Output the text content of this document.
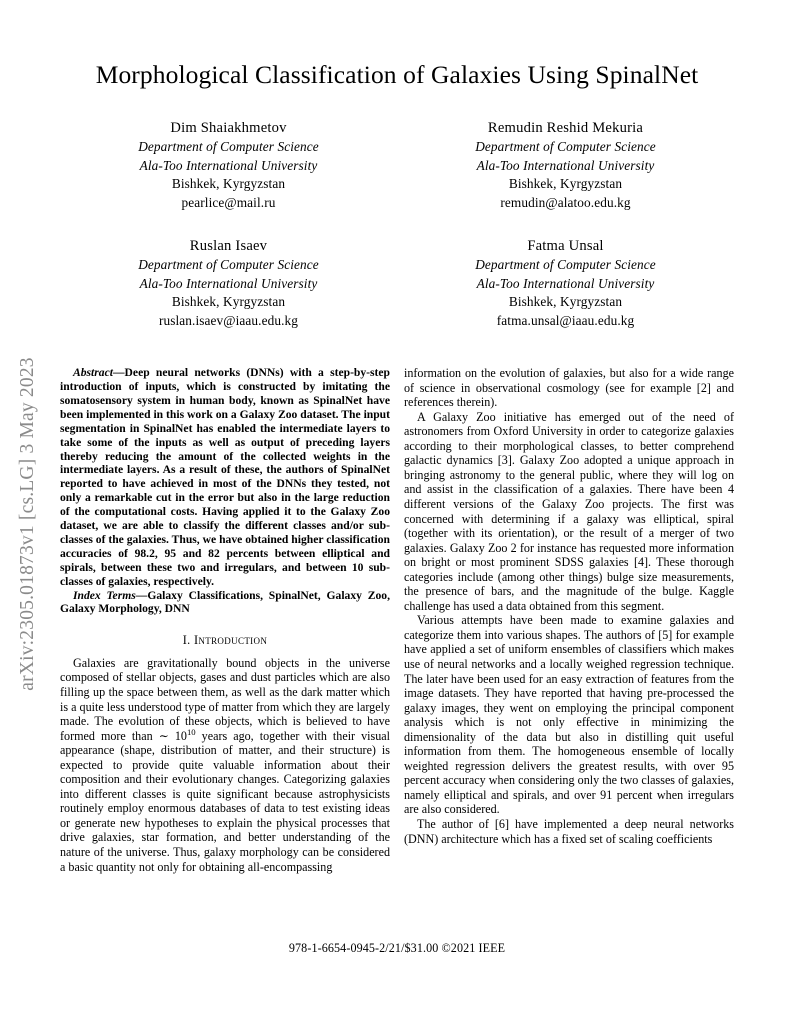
arXiv:2305.01873v1 [cs.LG] 3 May 2023
Morphological Classification of Galaxies Using SpinalNet
Dim Shaiakhmetov
Department of Computer Science
Ala-Too International University
Bishkek, Kyrgyzstan
pearlice@mail.ru
Remudin Reshid Mekuria
Department of Computer Science
Ala-Too International University
Bishkek, Kyrgyzstan
remudin@alatoo.edu.kg
Ruslan Isaev
Department of Computer Science
Ala-Too International University
Bishkek, Kyrgyzstan
ruslan.isaev@iaau.edu.kg
Fatma Unsal
Department of Computer Science
Ala-Too International University
Bishkek, Kyrgyzstan
fatma.unsal@iaau.edu.kg
Abstract—Deep neural networks (DNNs) with a step-by-step introduction of inputs, which is constructed by imitating the somatosensory system in human body, known as SpinalNet have been implemented in this work on a Galaxy Zoo dataset. The input segmentation in SpinalNet has enabled the intermediate layers to take some of the inputs as well as output of preceding layers thereby reducing the amount of the collected weights in the intermediate layers. As a result of these, the authors of SpinalNet reported to have achieved in most of the DNNs they tested, not only a remarkable cut in the error but also in the large reduction of the computational costs. Having applied it to the Galaxy Zoo dataset, we are able to classify the different classes and/or sub-classes of the galaxies. Thus, we have obtained higher classification accuracies of 98.2, 95 and 82 percents between elliptical and spirals, between these two and irregulars, and between 10 sub-classes of galaxies, respectively.
Index Terms—Galaxy Classifications, SpinalNet, Galaxy Zoo, Galaxy Morphology, DNN
I. Introduction

Galaxies are gravitationally bound objects in the universe composed of stellar objects, gases and dust particles which are also filling up the space between them, as well as the dark matter which is a quite less understood type of matter from which they are largely made. The evolution of these objects, which is believed to have formed more than ∼ $10^{10}$ years ago, together with their visual appearance (shape, distribution of matter, and their structure) is expected to provide quite valuable information about their composition and their evolutionary changes. Categorizing galaxies into different classes is quite significant because astrophysicists routinely employ enormous databases of data to test existing ideas or generate new hypotheses to explain the physical processes that drive galaxies, star formation, and better understanding of the nature of the universe. Thus, galaxy morphology can be considered a basic quantity not only for obtaining all-encompassing

information on the evolution of galaxies, but also for a wide range of science in observational cosmology (see for example [2] and references therein).

A Galaxy Zoo initiative has emerged out of the need of astronomers from Oxford University in order to categorize galaxies according to their morphological classes, to better comprehend galactic dynamics [3]. Galaxy Zoo adopted a unique approach in bringing astronomy to the general public, where they will log on and assist in the classification of a galaxies. There have been 4 different versions of the Galaxy Zoo projects. The first was concerned with determining if a galaxy was elliptical, spiral (together with its orientation), or the result of a merger of two galaxies. Galaxy Zoo 2 for instance has requested more information on bright or most prominent SDSS galaxies [4]. These thorough categories include (among other things) bulge size measurements, the presence of bars, and the magnitude of the bulge. Kaggle challenge has used a data obtained from this segment.

Various attempts have been made to examine galaxies and categorize them into various shapes. The authors of [5] for example have applied a set of uniform ensembles of classifiers which makes use of neural networks and a locally weighed regression technique. The later have been used for an easy extraction of features from the image datasets. They have reported that having pre-processed the galaxy images, they went on employing the principal component analysis which is not only effective in minimizing the dimensionality of the data but also in distilling quit useful information from them. The homogeneous ensemble of locally weighted regression delivers the greatest results, with over 95 percent accuracy when considering only the two classes of galaxies, namely elliptical and spirals, and over 91 percent when irregulars are also considered.

The author of [6] have implemented a deep neural networks (DNN) architecture which has a fixed set of scaling coefficients

978-1-6654-0945-2/21/$31.00 ©2021 IEEE
